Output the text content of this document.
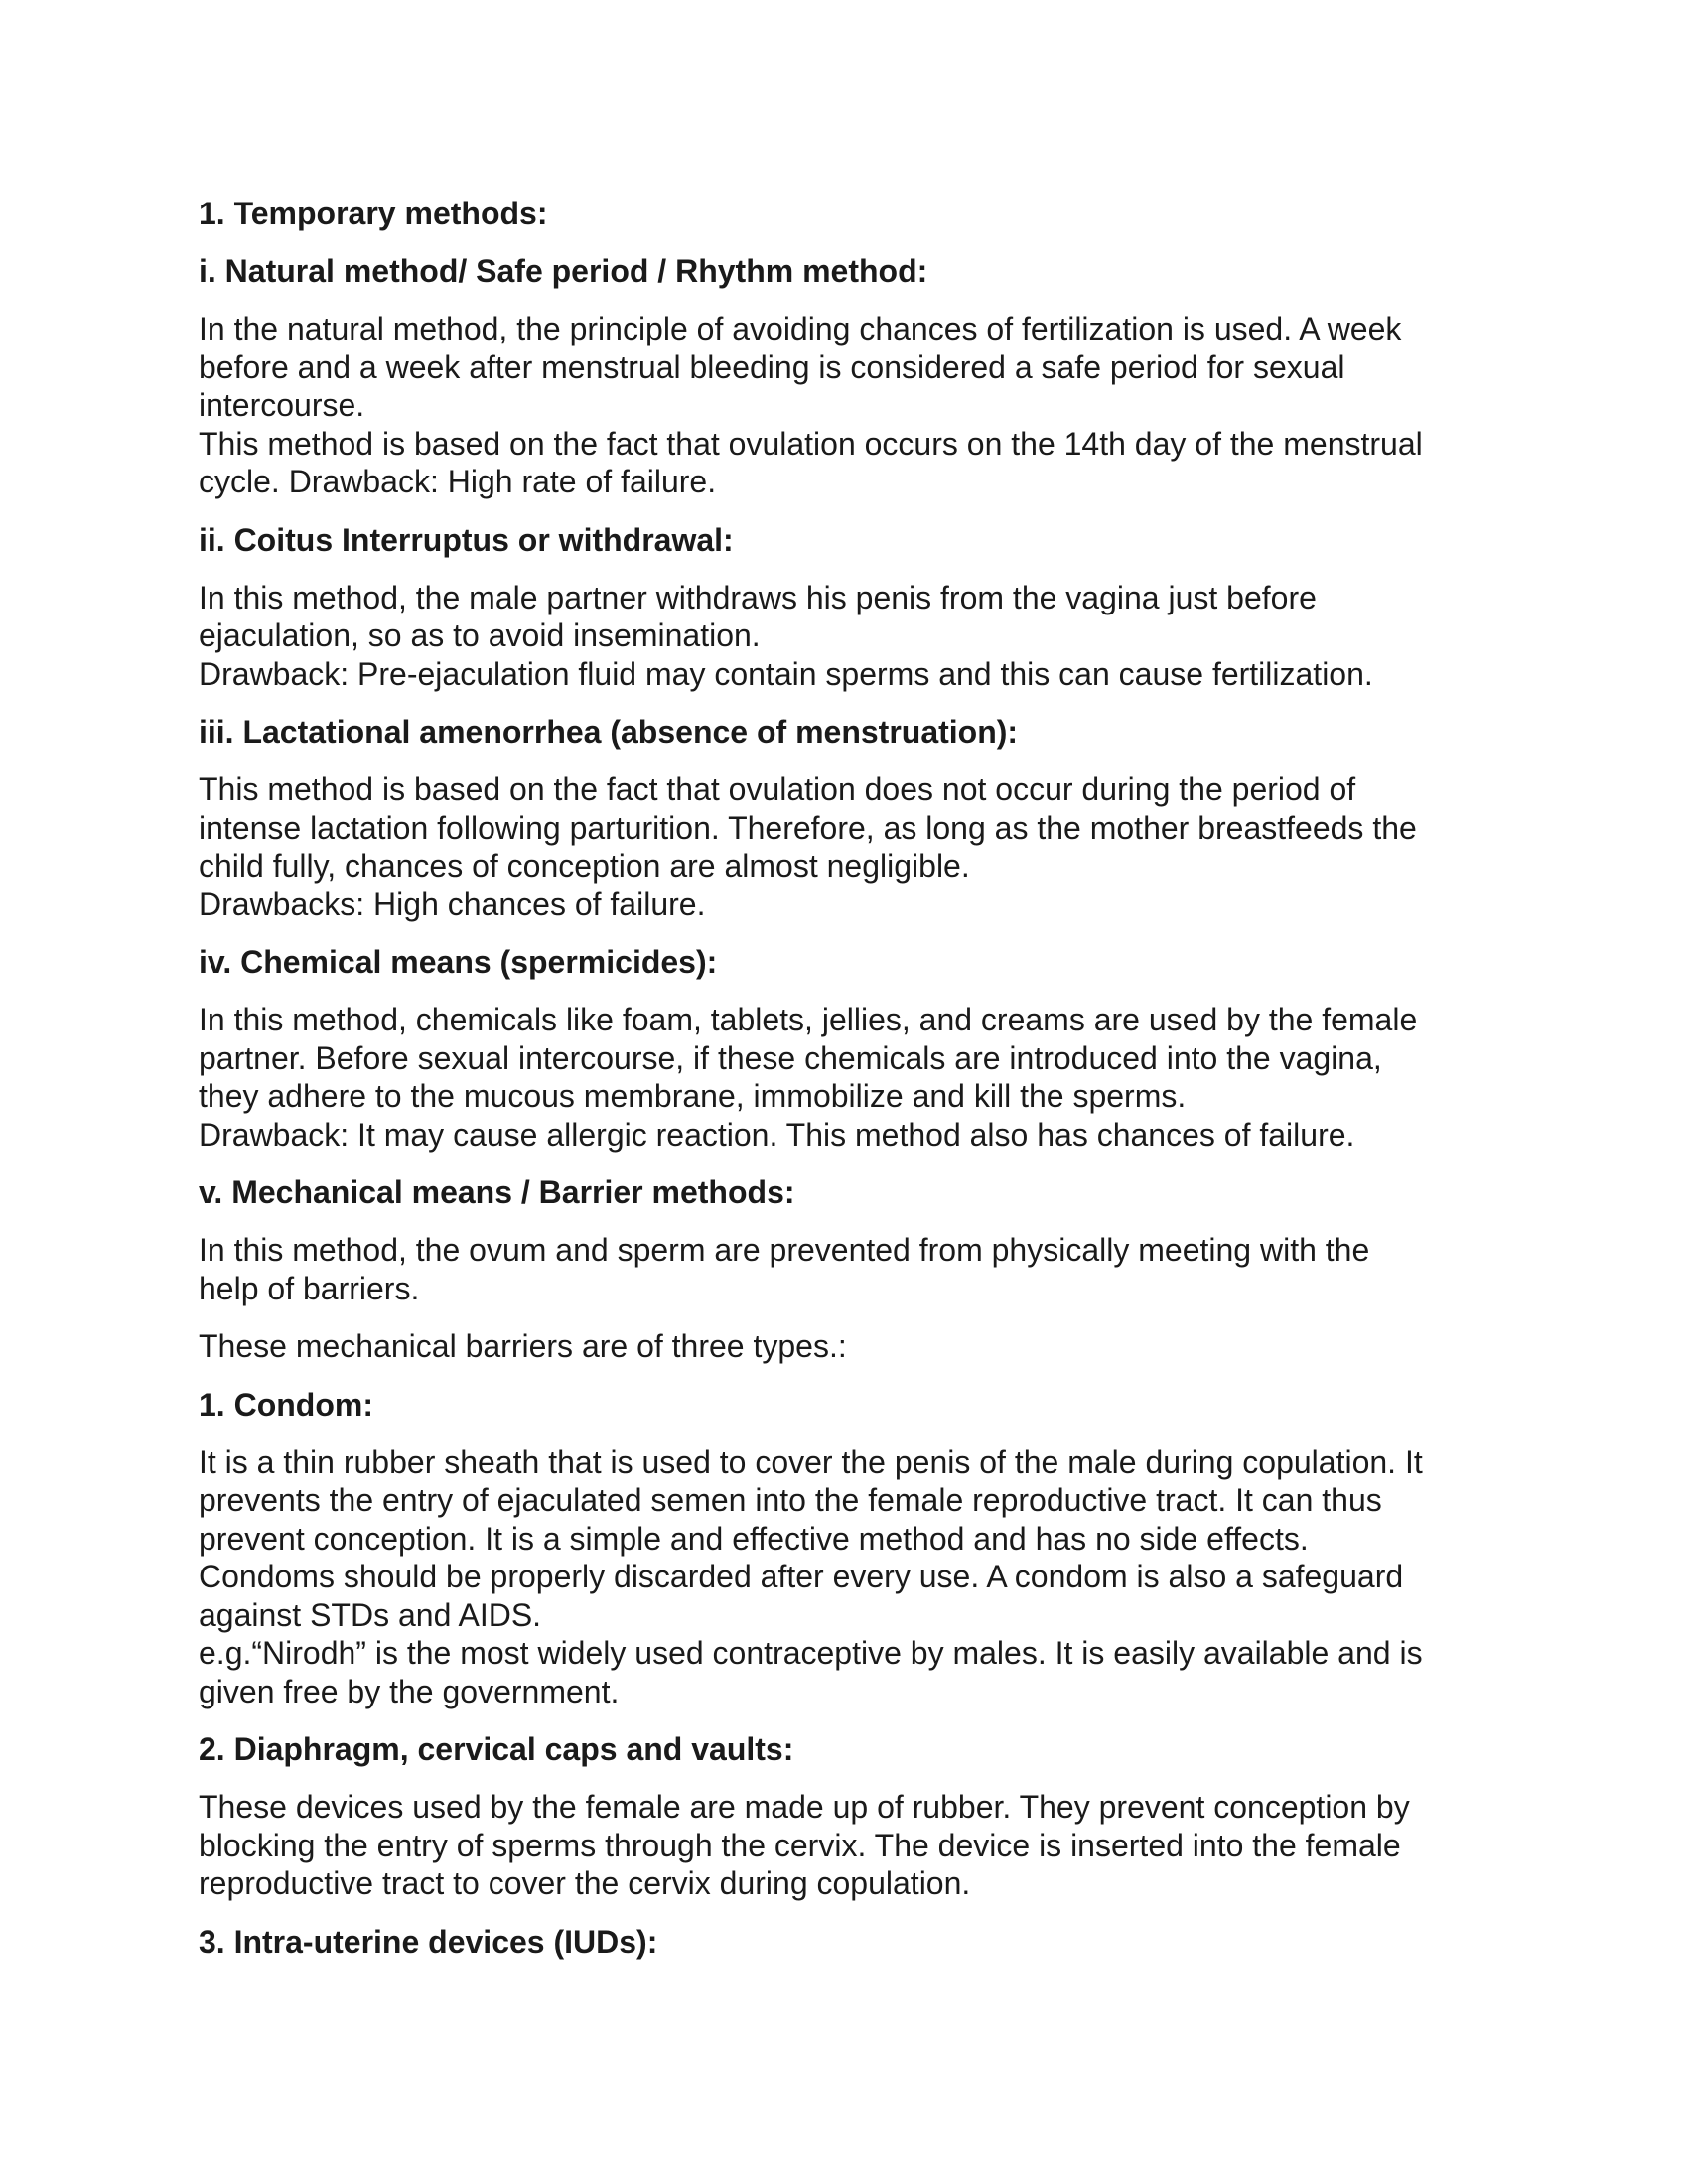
1. Temporary methods:
i. Natural method/ Safe period / Rhythm method:
In the natural method, the principle of avoiding chances of fertilization is used. A week
before and a week after menstrual bleeding is considered a safe period for sexual
intercourse.
This method is based on the fact that ovulation occurs on the 14th day of the menstrual
cycle. Drawback: High rate of failure.
ii. Coitus Interruptus or withdrawal:
In this method, the male partner withdraws his penis from the vagina just before
ejaculation, so as to avoid insemination.
Drawback: Pre-ejaculation fluid may contain sperms and this can cause fertilization.
iii. Lactational amenorrhea (absence of menstruation):
This method is based on the fact that ovulation does not occur during the period of
intense lactation following parturition. Therefore, as long as the mother breastfeeds the
child fully, chances of conception are almost negligible.
Drawbacks: High chances of failure.
iv. Chemical means (spermicides):
In this method, chemicals like foam, tablets, jellies, and creams are used by the female
partner. Before sexual intercourse, if these chemicals are introduced into the vagina,
they adhere to the mucous membrane, immobilize and kill the sperms.
Drawback: It may cause allergic reaction. This method also has chances of failure.
v. Mechanical means / Barrier methods:
In this method, the ovum and sperm are prevented from physically meeting with the
help of barriers.
These mechanical barriers are of three types.:
1. Condom:
It is a thin rubber sheath that is used to cover the penis of the male during copulation. It
prevents the entry of ejaculated semen into the female reproductive tract. It can thus
prevent conception. It is a simple and effective method and has no side effects.
Condoms should be properly discarded after every use. A condom is also a safeguard
against STDs and AIDS.
e.g.“Nirodh” is the most widely used contraceptive by males. It is easily available and is
given free by the government.
2. Diaphragm, cervical caps and vaults:
These devices used by the female are made up of rubber. They prevent conception by
blocking the entry of sperms through the cervix. The device is inserted into the female
reproductive tract to cover the cervix during copulation.
3. Intra-uterine devices (IUDs):
